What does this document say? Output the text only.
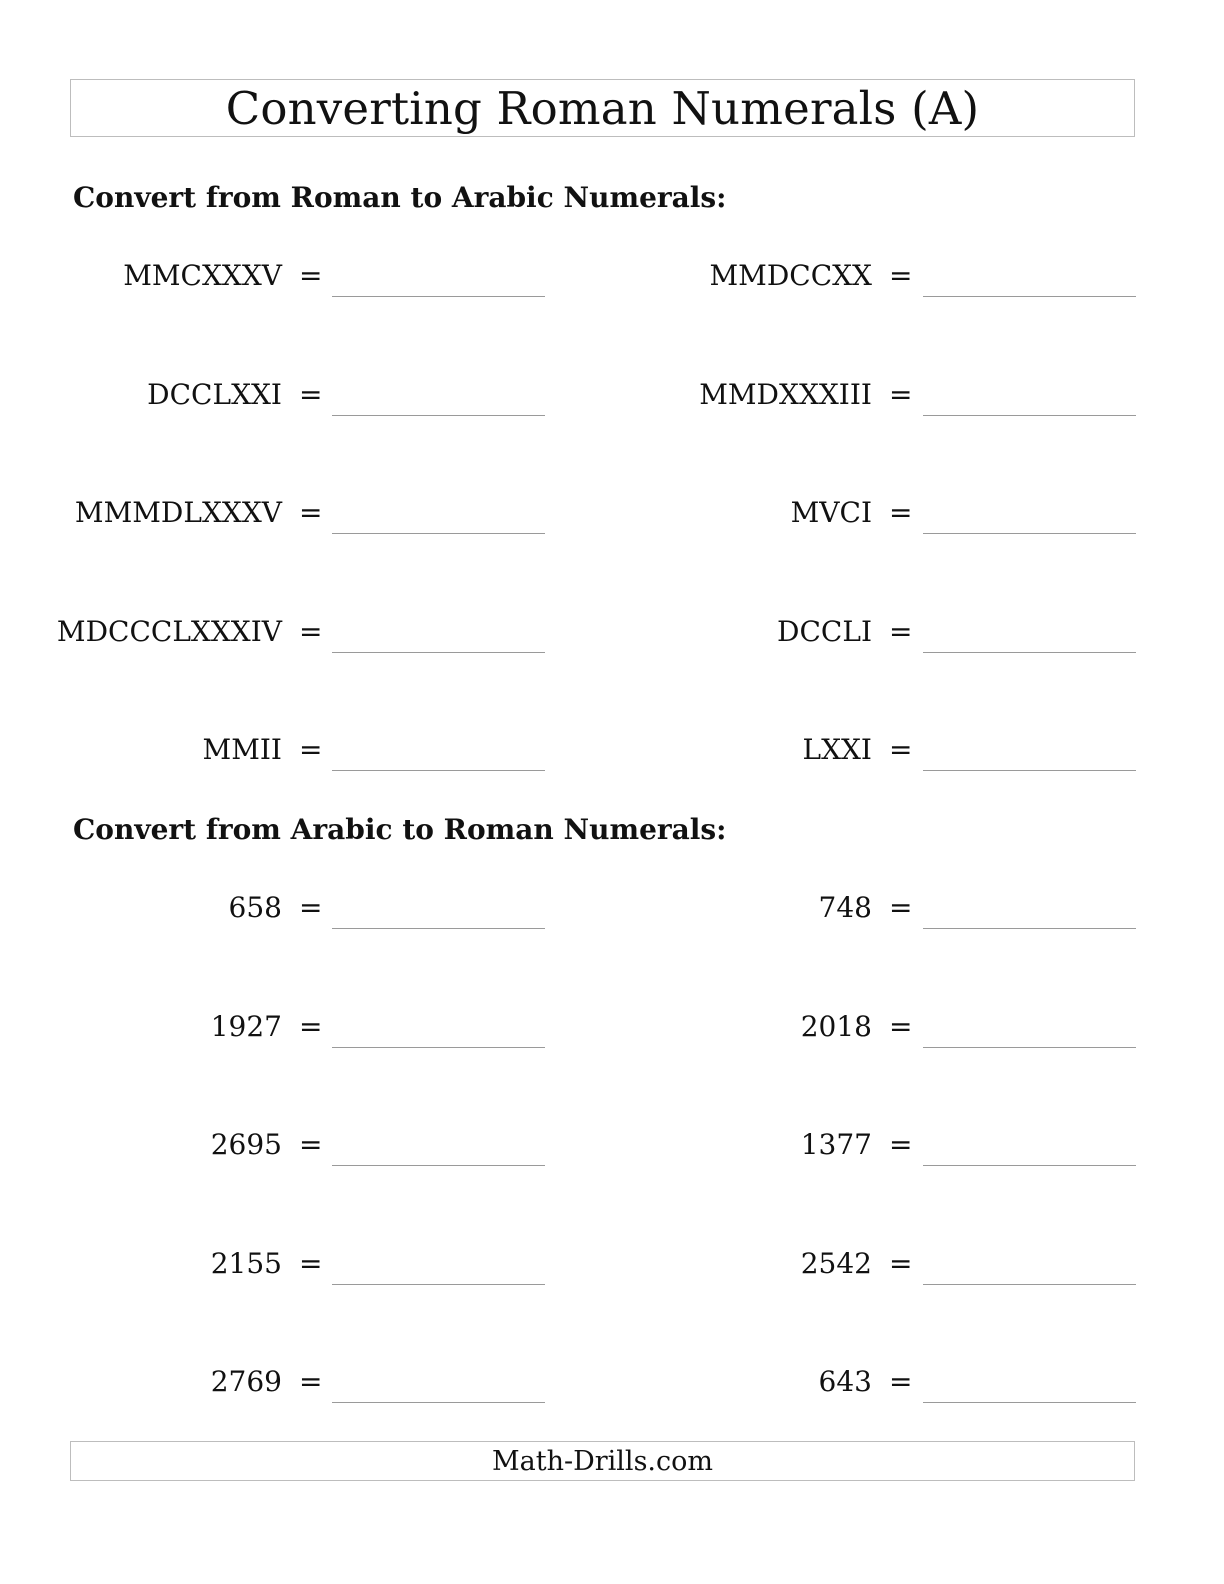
Converting Roman Numerals (A)
Convert from Roman to Arabic Numerals:
MMCXXXV =	MMDCCXX =
DCCLXXI =	MMDXXXIII =
MMMDLXXXV =	MVCI =
MDCCCLXXXIV =	DCCLI =
MMII =	LXXI =
Convert from Arabic to Roman Numerals:
658 =	748 =
1927 =	2018 =
2695 =	1377 =
2155 =	2542 =
2769 =	643 =
Math-Drills.com
